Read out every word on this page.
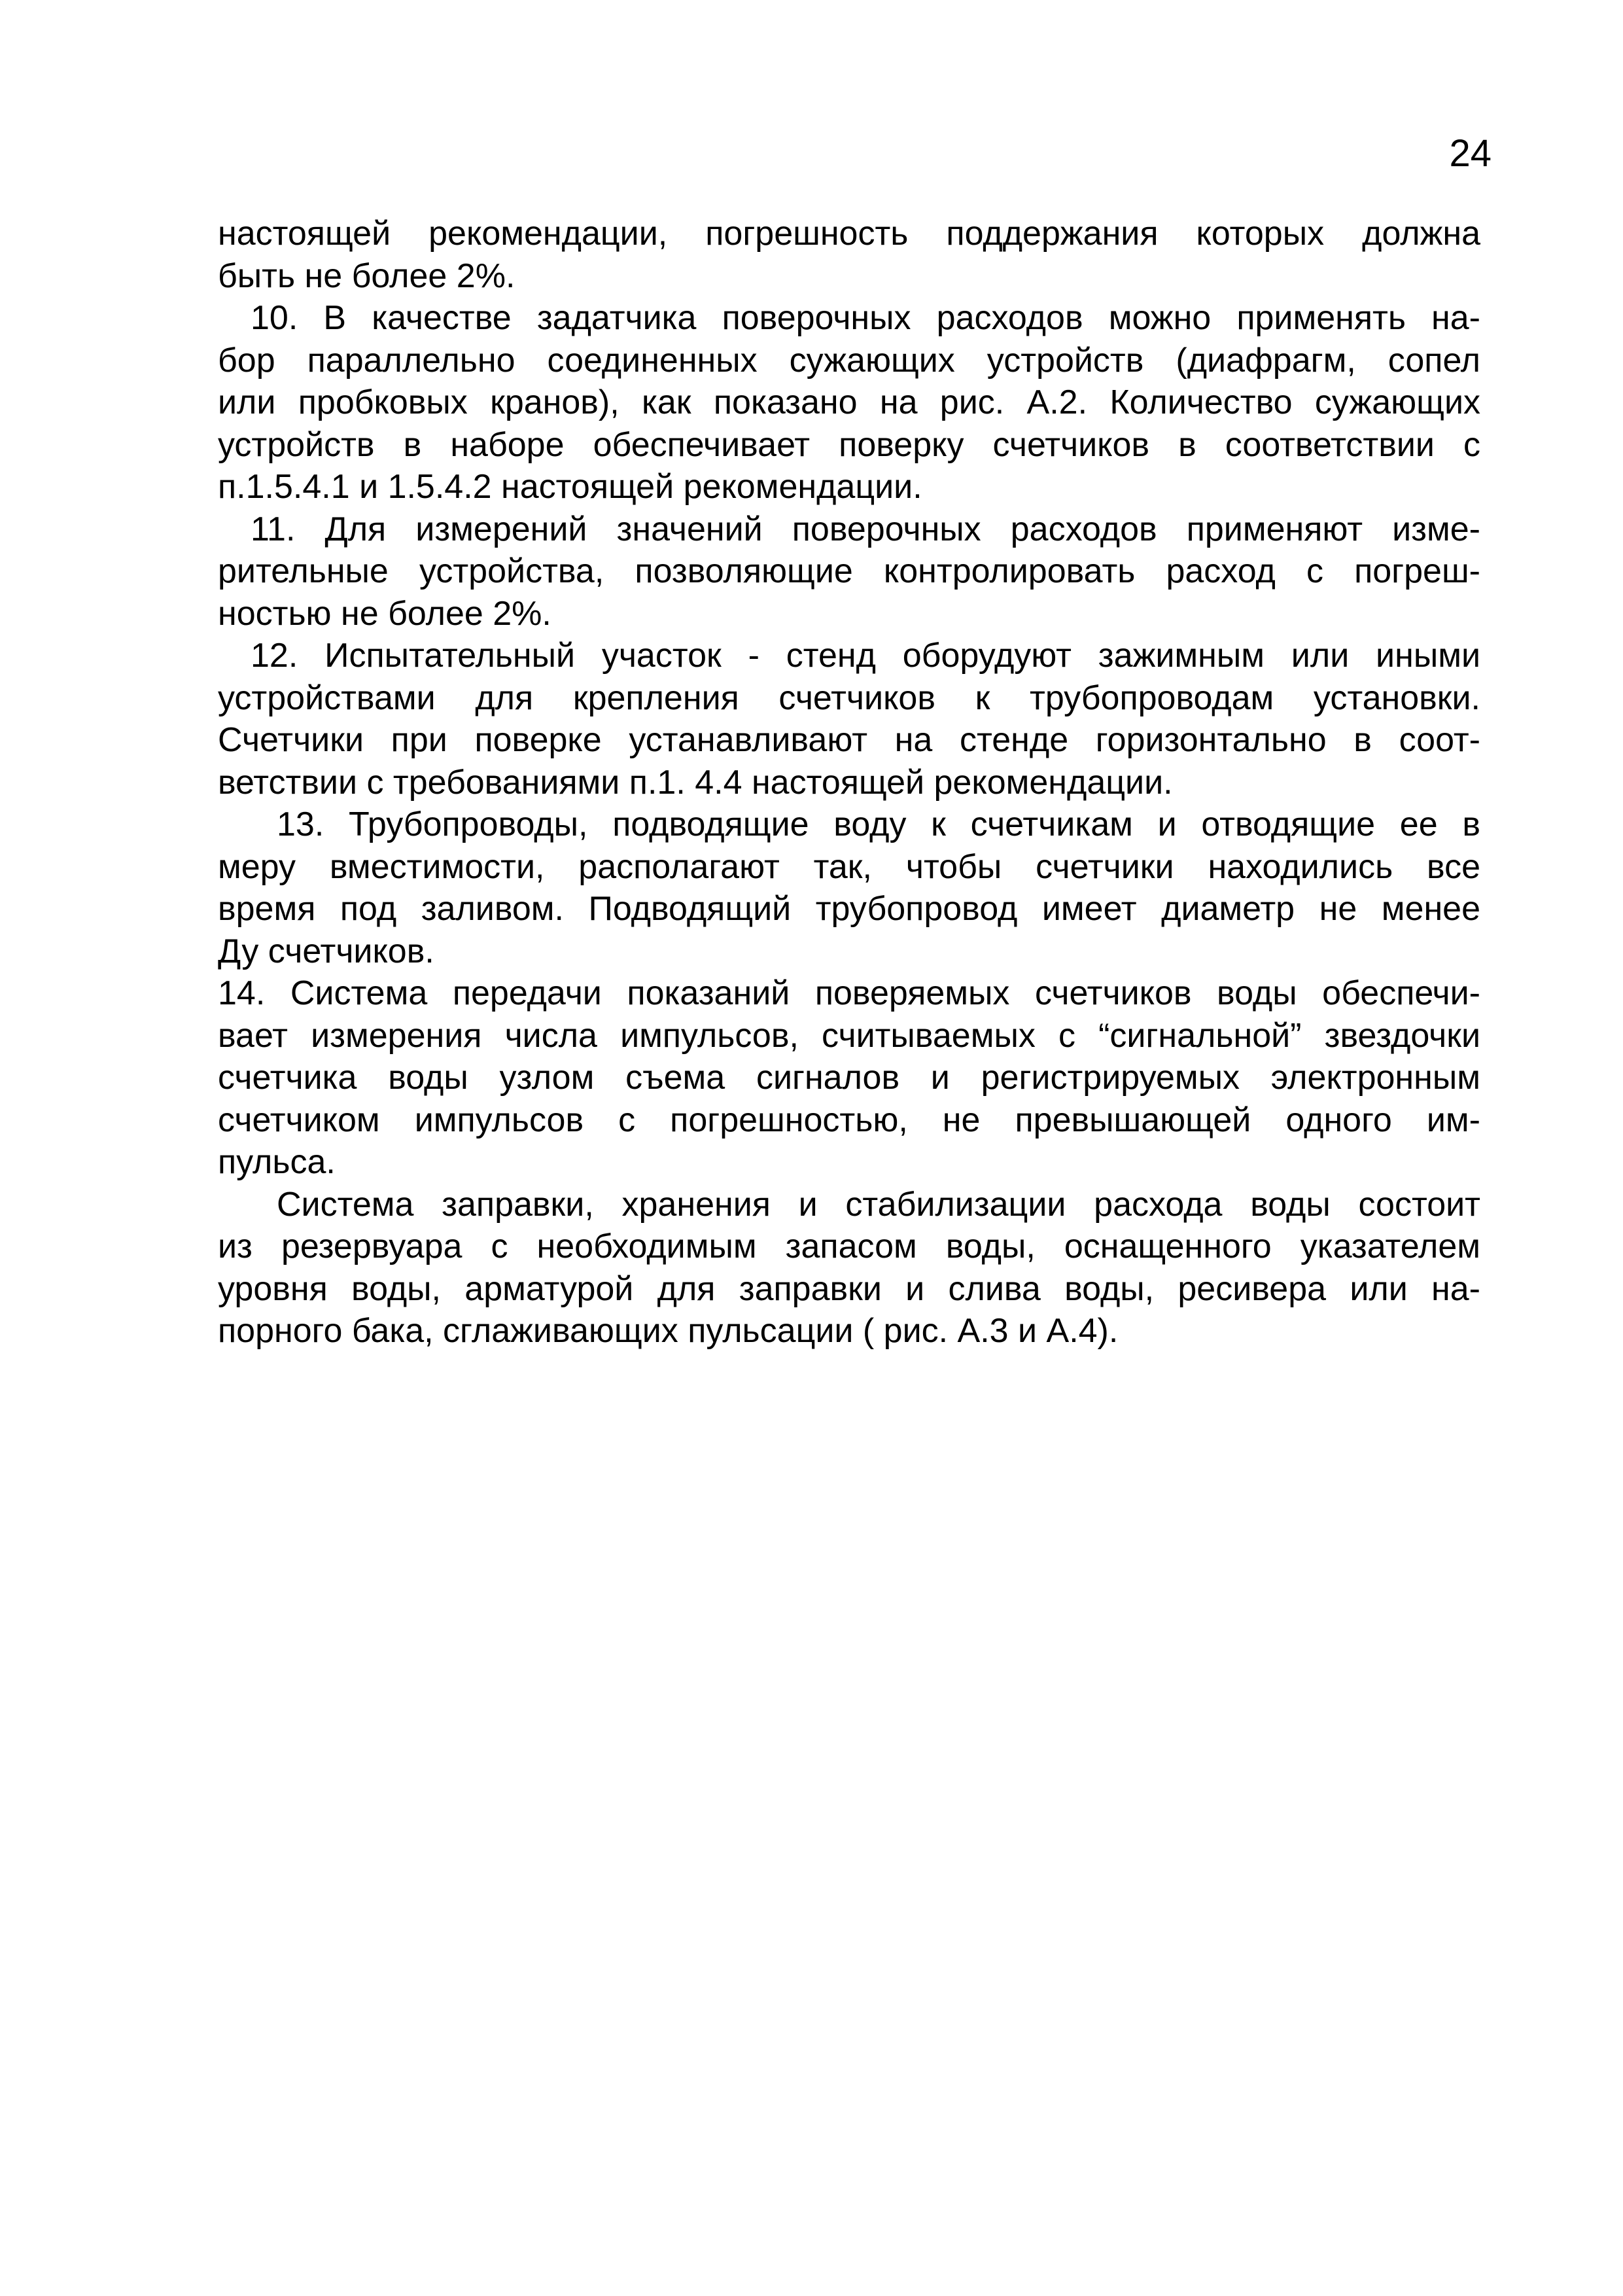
24
настоящей рекомендации, погрешность поддержания которых должна
быть не более 2%.
10. В качестве задатчика поверочных расходов можно применять на-
бор параллельно соединенных сужающих устройств (диафрагм, сопел
или пробковых кранов), как показано на рис. А.2. Количество сужающих
устройств в наборе обеспечивает поверку счетчиков в соответствии с
п.1.5.4.1 и 1.5.4.2 настоящей рекомендации.
11. Для измерений значений поверочных расходов применяют изме-
рительные устройства, позволяющие контролировать расход с погреш-
ностью не более 2%.
12. Испытательный участок - стенд оборудуют зажимным или иными
устройствами для крепления счетчиков к трубопроводам установки.
Счетчики при поверке устанавливают на стенде горизонтально в соот-
ветствии с требованиями п.1. 4.4 настоящей рекомендации.
13. Трубопроводы, подводящие воду к счетчикам и отводящие ее в
меру вместимости, располагают так, чтобы счетчики находились все
время под заливом. Подводящий трубопровод имеет диаметр не менее
Ду счетчиков.
14. Система передачи показаний поверяемых счетчиков воды обеспечи-
вает измерения числа импульсов, считываемых с “сигнальной” звездочки
счетчика воды узлом съема сигналов и регистрируемых электронным
счетчиком импульсов с погрешностью, не превышающей одного им-
пульса.
Система заправки, хранения и стабилизации расхода воды состоит
из резервуара с необходимым запасом воды, оснащенного указателем
уровня воды, арматурой для заправки и слива воды, ресивера или на-
порного бака, сглаживающих пульсации ( рис. А.3 и А.4).
